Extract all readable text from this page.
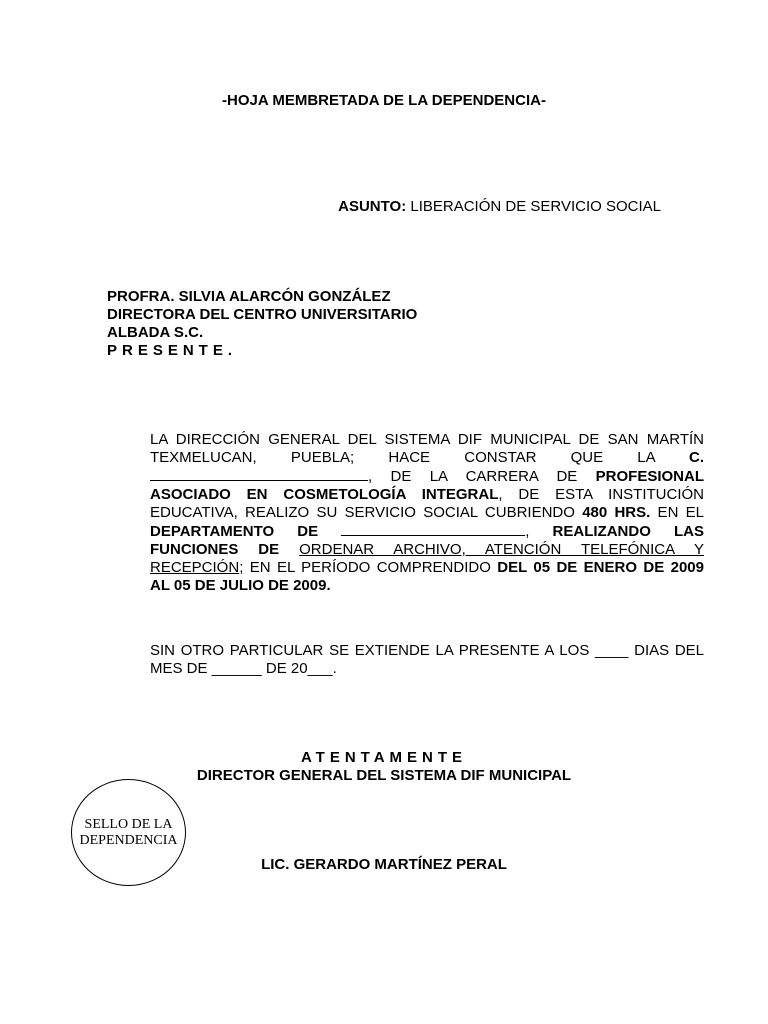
-HOJA MEMBRETADA DE LA DEPENDENCIA-
ASUNTO: LIBERACIÓN DE SERVICIO SOCIAL
PROFRA. SILVIA ALARCÓN GONZÁLEZ
DIRECTORA DEL CENTRO UNIVERSITARIO
ALBADA S.C.
PRESENTE.
LA DIRECCIÓN GENERAL DEL SISTEMA DIF MUNICIPAL DE SAN MARTÍN TEXMELUCAN, PUEBLA; HACE CONSTAR QUE LA C. , DE LA CARRERA DE PROFESIONAL ASOCIADO EN COSMETOLOGÍA INTEGRAL, DE ESTA INSTITUCIÓN EDUCATIVA, REALIZO SU SERVICIO SOCIAL CUBRIENDO 480 HRS. EN EL DEPARTAMENTO DE	, REALIZANDO LAS FUNCIONES DE ORDENAR ARCHIVO, ATENCIÓN TELEFÓNICA Y RECEPCIÓN; EN EL PERÍODO COMPRENDIDO DEL 05 DE ENERO DE 2009 AL 05 DE JULIO DE 2009.
SIN OTRO PARTICULAR SE EXTIENDE LA PRESENTE A LOS ____ DIAS DEL MES DE ______ DE 20___.
ATENTAMENTE
DIRECTOR GENERAL DEL SISTEMA DIF MUNICIPAL
SELLO DE LA
DEPENDENCIA
LIC. GERARDO MARTÍNEZ PERAL
